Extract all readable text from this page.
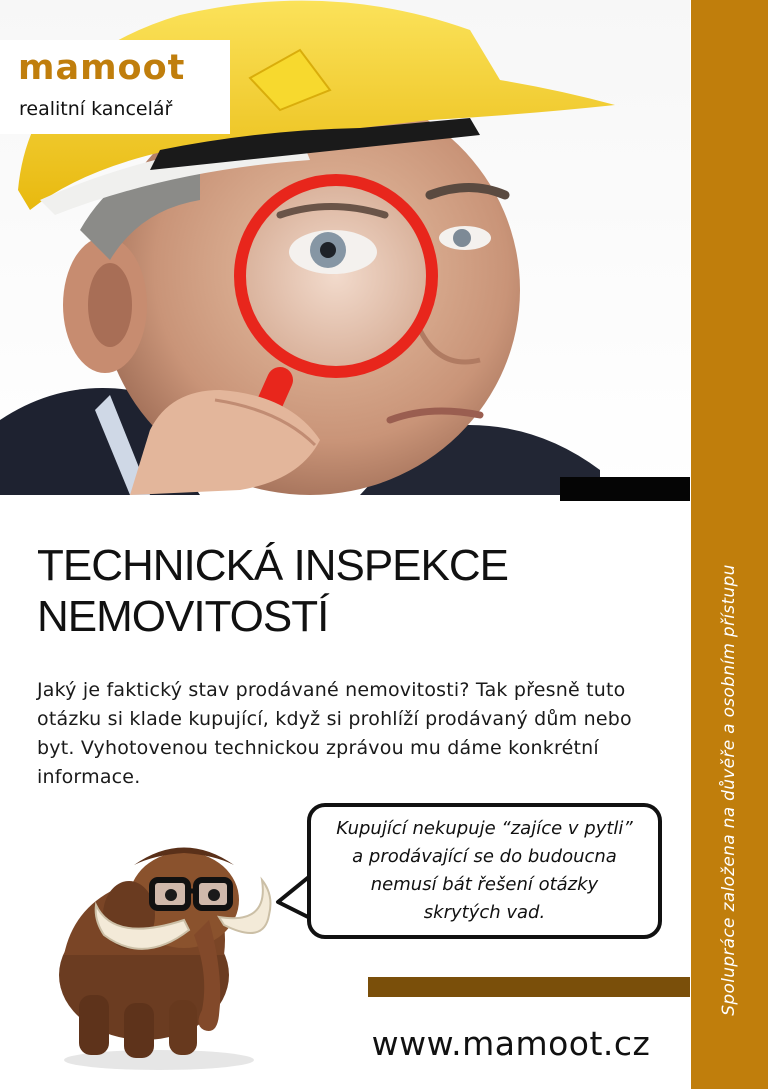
mamoot
realitní kancelář
Spolupráce založena na důvěře a osobním přístupu
TECHNICKÁ INSPEKCE
NEMOVITOSTÍ

Jaký je faktický stav prodávané nemovitosti? Tak přesně tuto otázku si klade kupující, když si prohlíží prodávaný dům nebo byt. Vyhotovenou technickou zprávou mu dáme konkrétní informace.

Kupující nekupuje “zajíce v pytli” a prodávající se do budoucna nemusí bát řešení otázky skrytých vad.
www.mamoot.cz
